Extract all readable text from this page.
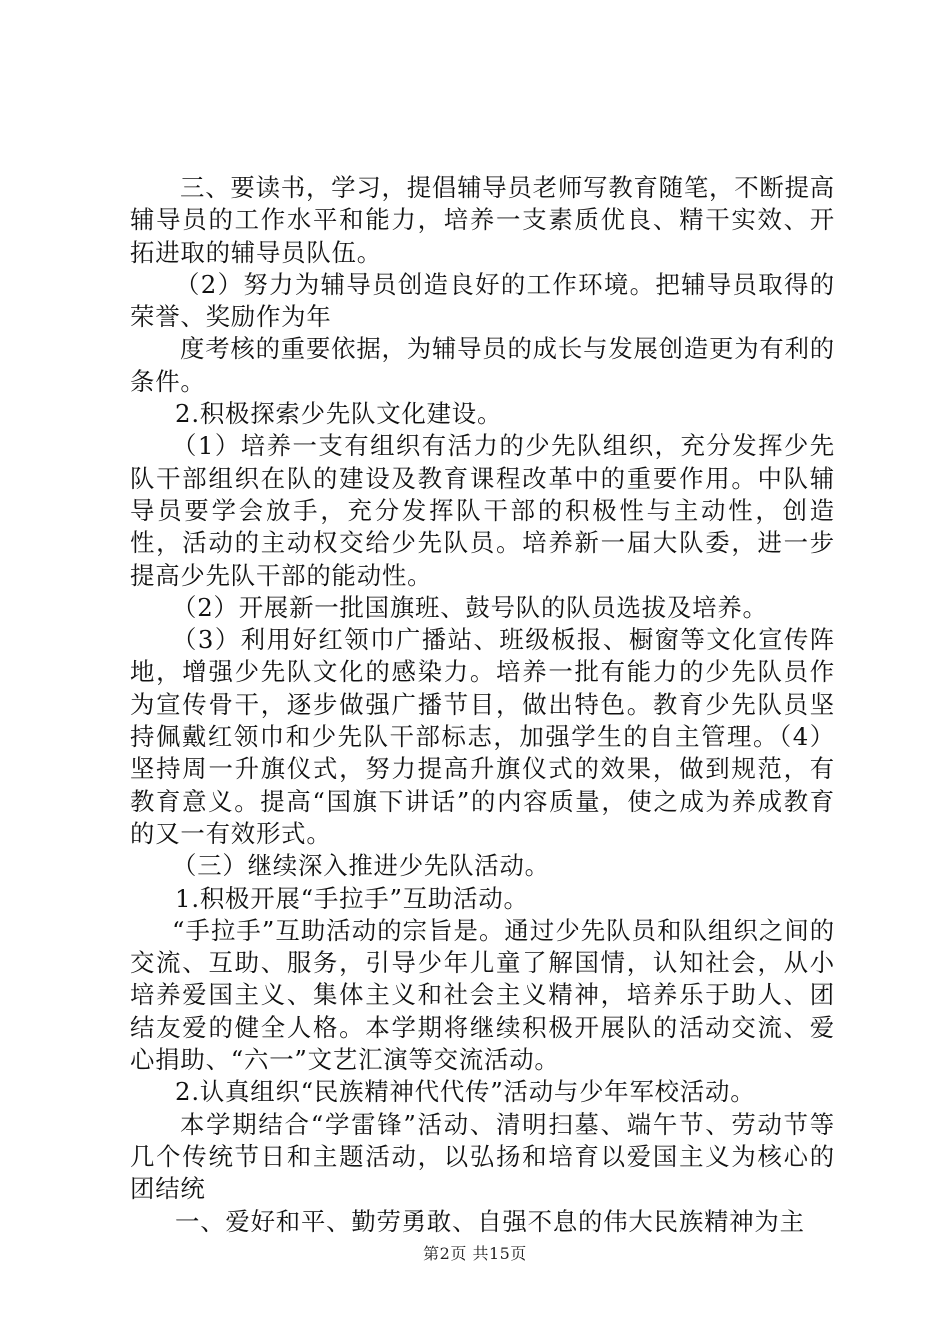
三、要读书，学习，提倡辅导员老师写教育随笔，不断提高辅导员的工作水平和能力，培养一支素质优良、精干实效、开拓进取的辅导员队伍。

（2）努力为辅导员创造良好的工作环境。把辅导员取得的荣誉、奖励作为年

度考核的重要依据，为辅导员的成长与发展创造更为有利的条件。

2.积极探索少先队文化建设。

（1）培养一支有组织有活力的少先队组织，充分发挥少先队干部组织在队的建设及教育课程改革中的重要作用。中队辅导员要学会放手，充分发挥队干部的积极性与主动性，创造性，活动的主动权交给少先队员。培养新一届大队委，进一步提高少先队干部的能动性。

（2）开展新一批国旗班、鼓号队的队员选拔及培养。

（3）利用好红领巾广播站、班级板报、橱窗等文化宣传阵地，增强少先队文化的感染力。培养一批有能力的少先队员作为宣传骨干，逐步做强广播节目，做出特色。教育少先队员坚持佩戴红领巾和少先队干部标志，加强学生的自主管理。（4）坚持周一升旗仪式，努力提高升旗仪式的效果，做到规范，有教育意义。提高“国旗下讲话”的内容质量，使之成为养成教育的又一有效形式。

（三）继续深入推进少先队活动。

1.积极开展“手拉手”互助活动。

“手拉手”互助活动的宗旨是。通过少先队员和队组织之间的交流、互助、服务，引导少年儿童了解国情，认知社会，从小培养爱国主义、集体主义和社会主义精神，培养乐于助人、团结友爱的健全人格。本学期将继续积极开展队的活动交流、爱心捐助、“六一”文艺汇演等交流活动。

2.认真组织“民族精神代代传”活动与少年军校活动。

本学期结合“学雷锋”活动、清明扫墓、端午节、劳动节等几个传统节日和主题活动，以弘扬和培育以爱国主义为核心的团结统

一、爱好和平、勤劳勇敢、自强不息的伟大民族精神为主

第2页 共15页
